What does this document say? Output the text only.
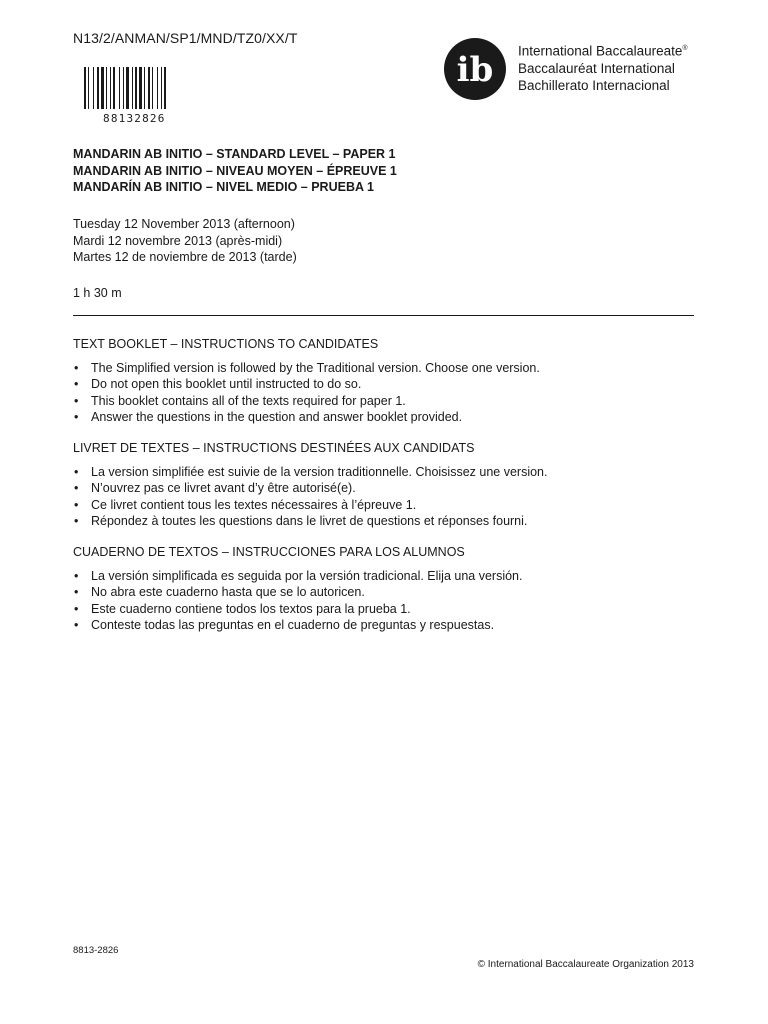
N13/2/ANMAN/SP1/MND/TZ0/XX/T
88132826
ib International Baccalaureate®
Baccalauréat International
Bachillerato Internacional
MANDARIN AB INITIO – STANDARD LEVEL – PAPER 1
MANDARIN AB INITIO – NIVEAU MOYEN – ÉPREUVE 1
MANDARÍN AB INITIO – NIVEL MEDIO – PRUEBA 1
Tuesday 12 November 2013 (afternoon)
Mardi 12 novembre 2013 (après-midi)
Martes 12 de noviembre de 2013 (tarde)
1 h 30 m
TEXT BOOKLET – INSTRUCTIONS TO CANDIDATES
• The Simplified version is followed by the Traditional version. Choose one version.
• Do not open this booklet until instructed to do so.
• This booklet contains all of the texts required for paper 1.
• Answer the questions in the question and answer booklet provided.
LIVRET DE TEXTES – INSTRUCTIONS DESTINÉES AUX CANDIDATS
• La version simplifiée est suivie de la version traditionnelle. Choisissez une version.
• N’ouvrez pas ce livret avant d’y être autorisé(e).
• Ce livret contient tous les textes nécessaires à l’épreuve 1.
• Répondez à toutes les questions dans le livret de questions et réponses fourni.
CUADERNO DE TEXTOS – INSTRUCCIONES PARA LOS ALUMNOS
• La versión simplificada es seguida por la versión tradicional. Elija una versión.
• No abra este cuaderno hasta que se lo autoricen.
• Este cuaderno contiene todos los textos para la prueba 1.
• Conteste todas las preguntas en el cuaderno de preguntas y respuestas.
8813-2826
© International Baccalaureate Organization 2013
